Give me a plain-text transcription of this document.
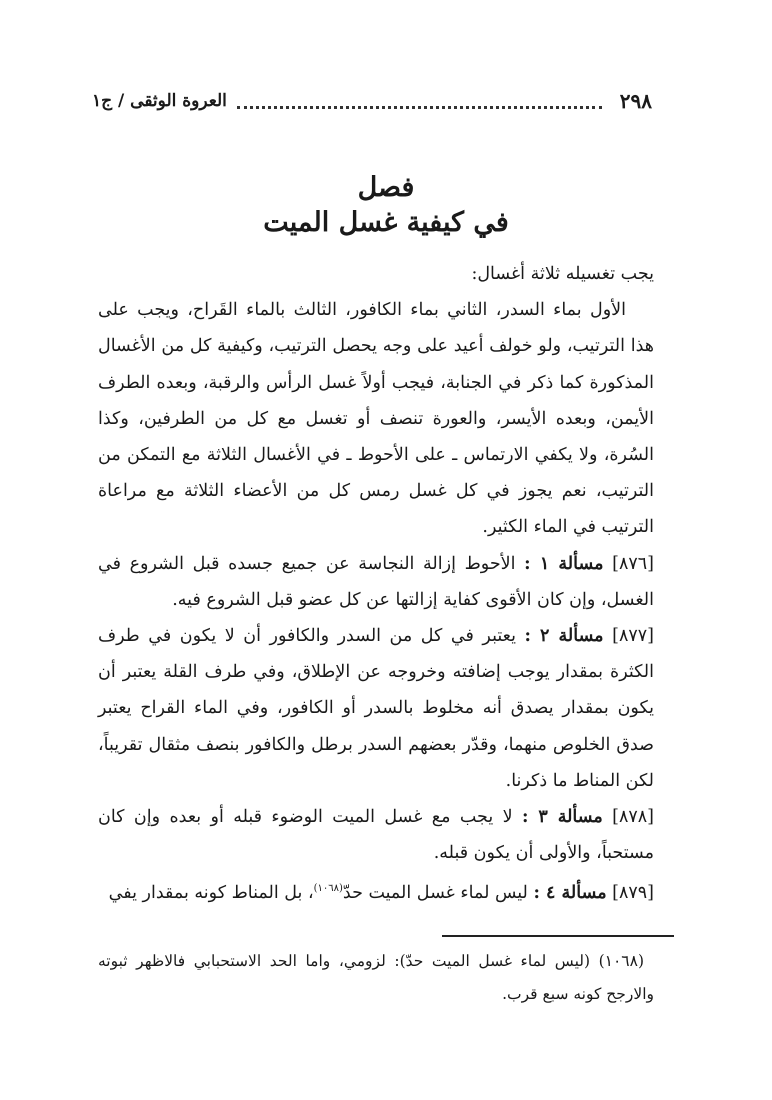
٢٩٨
العروة الوثقى / ج١
فصل
في كيفية غسل الميت

يجب تغسيله ثلاثة أغسال:

الأول بماء السدر، الثاني بماء الكافور، الثالث بالماء القَراح، ويجب على هذا الترتيب، ولو خولف أعيد على وجه يحصل الترتيب، وكيفية كل من الأغسال المذكورة كما ذكر في الجنابة، فيجب أولاً غسل الرأس والرقبة، وبعده الطرف الأيمن، وبعده الأيسر، والعورة تنصف أو تغسل مع كل من الطرفين، وكذا السُرة، ولا يكفي الارتماس ـ على الأحوط ـ في الأغسال الثلاثة مع التمكن من الترتيب، نعم يجوز في كل غسل رمس كل من الأعضاء الثلاثة مع مراعاة الترتيب في الماء الكثير.

[٨٧٦] مسألة ١ : الأحوط إزالة النجاسة عن جميع جسده قبل الشروع في الغسل، وإن كان الأقوى كفاية إزالتها عن كل عضو قبل الشروع فيه.

[٨٧٧] مسألة ٢ : يعتبر في كل من السدر والكافور أن لا يكون في طرف الكثرة بمقدار يوجب إضافته وخروجه عن الإطلاق، وفي طرف القلة يعتبر أن يكون بمقدار يصدق أنه مخلوط بالسدر أو الكافور، وفي الماء القراح يعتبر صدق الخلوص منهما، وقدّر بعضهم السدر برطل والكافور بنصف مثقال تقريباً، لكن المناط ما ذكرنا.

[٨٧٨] مسألة ٣ : لا يجب مع غسل الميت الوضوء قبله أو بعده وإن كان مستحباً، والأولى أن يكون قبله.

[٨٧٩] مسألة ٤ : ليس لماء غسل الميت حدّ$^{(١٠٦٨)}$، بل المناط كونه بمقدار يفي

(١٠٦٨) (ليس لماء غسل الميت حدّ): لزومي، واما الحد الاستحبابي فالاظهر ثبوته والارجح كونه سبع قرب.
